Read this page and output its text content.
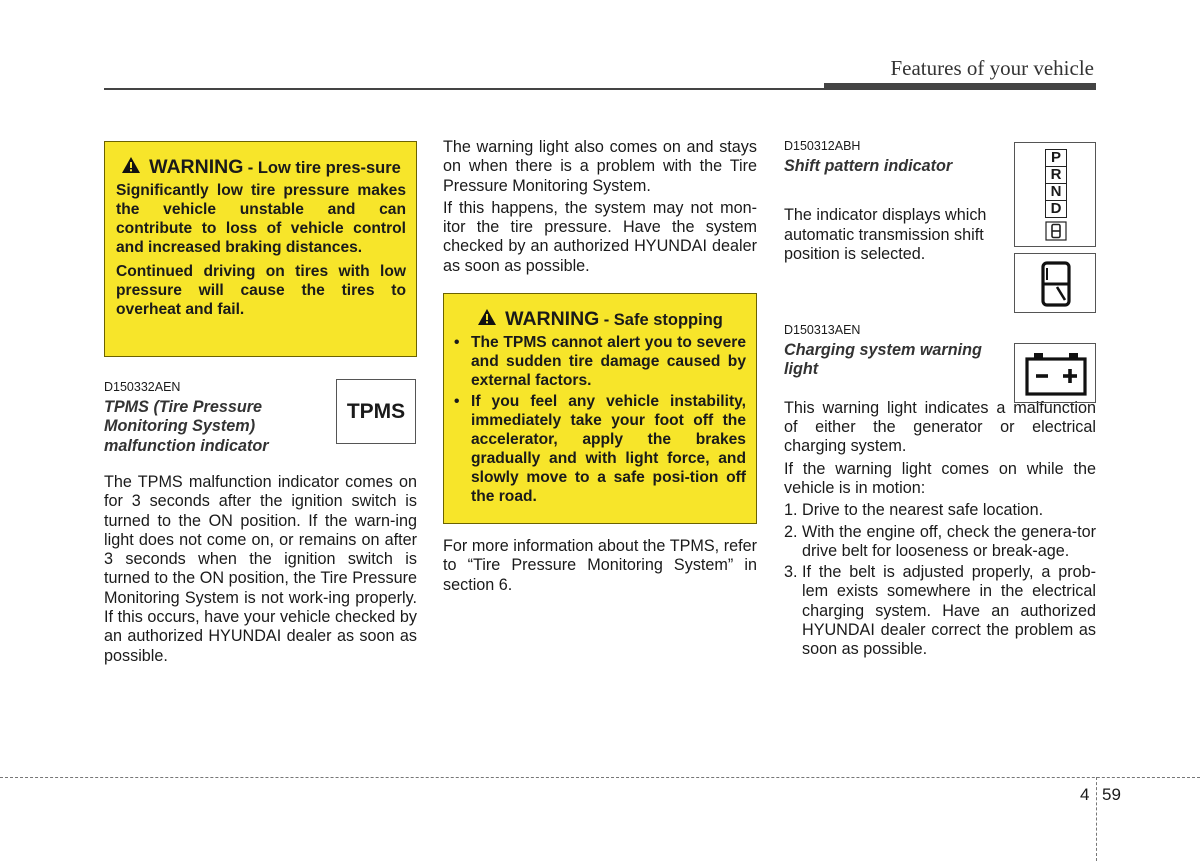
Features of your vehicle
WARNING - Low tire pres-sure

Significantly low tire pressure makes the vehicle unstable and can contribute to loss of vehicle control and increased braking distances.

Continued driving on tires with low pressure will cause the tires to overheat and fail.

D150332AEN
TPMS (Tire Pressure Monitoring System) malfunction indicator
TPMS

The TPMS malfunction indicator comes on for 3 seconds after the ignition switch is turned to the ON position. If the warn-ing light does not come on, or remains on after 3 seconds when the ignition switch is turned to the ON position, the Tire Pressure Monitoring System is not work-ing properly. If this occurs, have your vehicle checked by an authorized HYUNDAI dealer as soon as possible.

The warning light also comes on and stays on when there is a problem with the Tire Pressure Monitoring System.

If this happens, the system may not mon-itor the tire pressure. Have the system checked by an authorized HYUNDAI dealer as soon as possible.

WARNING - Safe stopping
• The TPMS cannot alert you to severe and sudden tire damage caused by external factors.
• If you feel any vehicle instability, immediately take your foot off the accelerator, apply the brakes gradually and with light force, and slowly move to a safe posi-tion off the road.

For more information about the TPMS, refer to “Tire Pressure Monitoring System” in section 6.

D150312ABH
Shift pattern indicator

The indicator displays which automatic transmission shift position is selected.

D150313AEN
Charging system warning light

This warning light indicates a malfunction of either the generator or electrical charging system.

If the warning light comes on while the vehicle is in motion:

1. Drive to the nearest safe location.
2. With the engine off, check the genera-tor drive belt for looseness or break-age.
3. If the belt is adjusted properly, a prob-lem exists somewhere in the electrical charging system. Have an authorized HYUNDAI dealer correct the problem as soon as possible.
P
R
N
D
4 59
